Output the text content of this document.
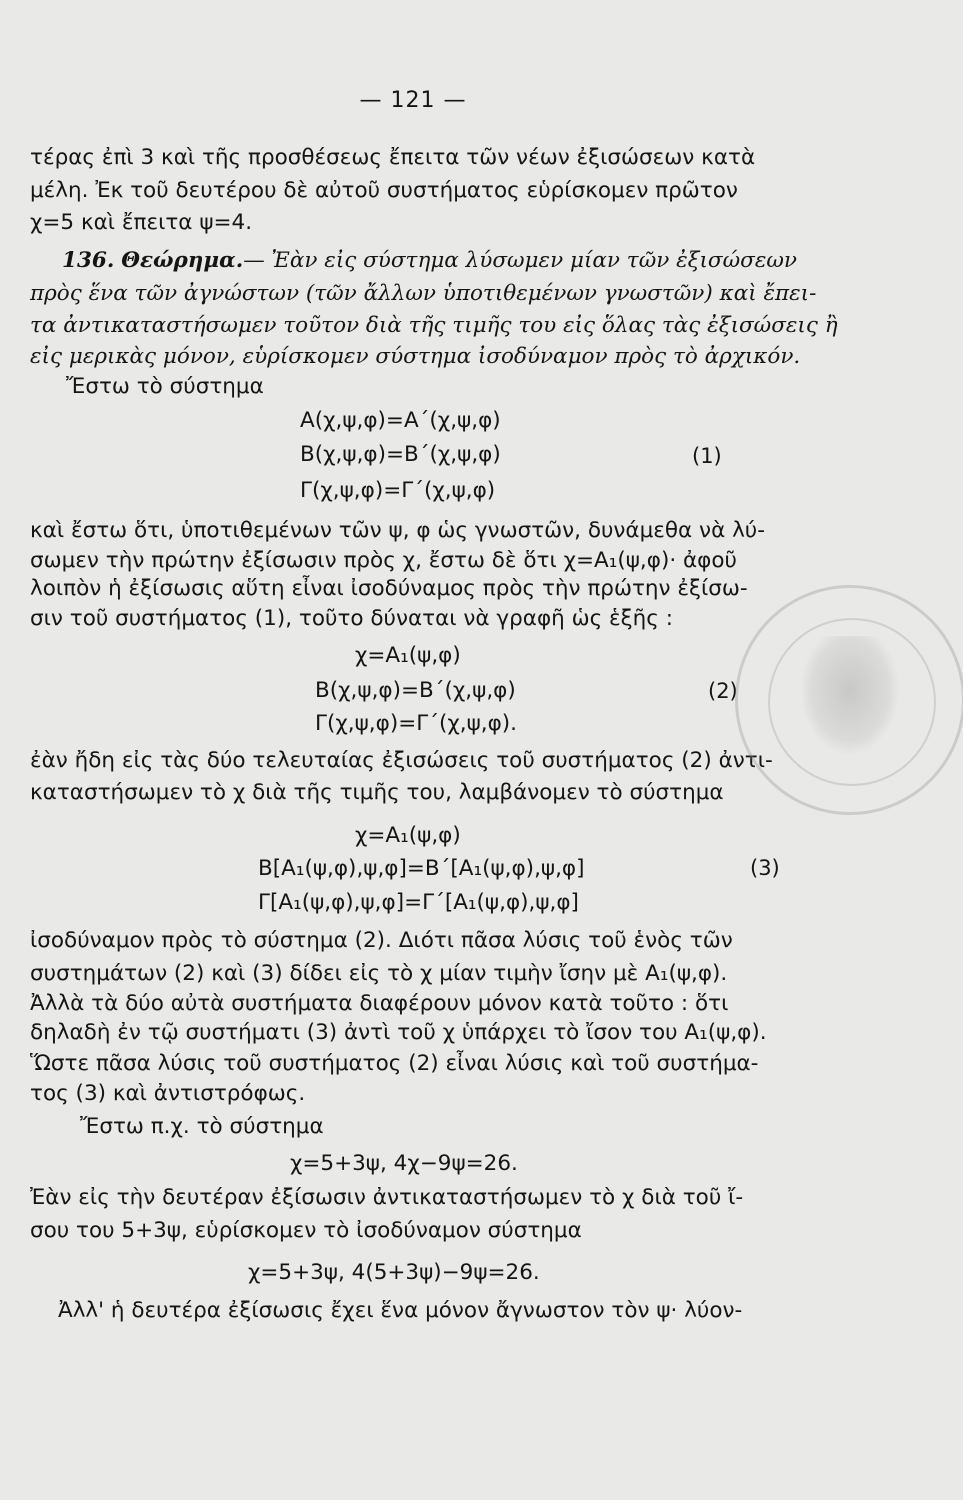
— 121 —
τέρας ἐπὶ 3 καὶ τῆς προσθέσεως ἔπειτα τῶν νέων ἐξισώσεων κατὰ
μέλη. Ἐκ τοῦ δευτέρου δὲ αὐτοῦ συστήματος εὑρίσκομεν πρῶτον
χ=5 καὶ ἔπειτα ψ=4.
136. Θεώρημα.— Ἐὰν εἰς σύστημα λύσωμεν μίαν τῶν ἐξισώσεων
πρὸς ἕνα τῶν ἀγνώστων (τῶν ἄλλων ὑποτιθεμένων γνωστῶν) καὶ ἔπει-
τα ἀντικαταστήσωμεν τοῦτον διὰ τῆς τιμῆς του εἰς ὅλας τὰς ἐξισώσεις ἢ
εἰς μερικὰς μόνον, εὑρίσκομεν σύστημα ἰσοδύναμον πρὸς τὸ ἀρχικόν.
Ἔστω τὸ σύστημα
A(χ,ψ,φ)=A΄(χ,ψ,φ)
B(χ,ψ,φ)=B΄(χ,ψ,φ)
Γ(χ,ψ,φ)=Γ΄(χ,ψ,φ)
(1)
καὶ ἔστω ὅτι, ὑποτιθεμένων τῶν ψ, φ ὡς γνωστῶν, δυνάμεθα νὰ λύ-
σωμεν τὴν πρώτην ἐξίσωσιν πρὸς χ, ἔστω δὲ ὅτι χ=A₁(ψ,φ)· ἀφοῦ
λοιπὸν ἡ ἐξίσωσις αὕτη εἶναι ἰσοδύναμος πρὸς τὴν πρώτην ἐξίσω-
σιν τοῦ συστήματος (1), τοῦτο δύναται νὰ γραφῆ ὡς ἑξῆς :
χ=A₁(ψ,φ)
B(χ,ψ,φ)=B΄(χ,ψ,φ)
Γ(χ,ψ,φ)=Γ΄(χ,ψ,φ).
(2)
ἐὰν ἤδη εἰς τὰς δύο τελευταίας ἐξισώσεις τοῦ συστήματος (2) ἀντι-
καταστήσωμεν τὸ χ διὰ τῆς τιμῆς του, λαμβάνομεν τὸ σύστημα
χ=A₁(ψ,φ)
B[A₁(ψ,φ),ψ,φ]=B΄[A₁(ψ,φ),ψ,φ]
Γ[A₁(ψ,φ),ψ,φ]=Γ΄[A₁(ψ,φ),ψ,φ]
(3)
ἰσοδύναμον πρὸς τὸ σύστημα (2). Διότι πᾶσα λύσις τοῦ ἑνὸς τῶν
συστημάτων (2) καὶ (3) δίδει εἰς τὸ χ μίαν τιμὴν ἴσην μὲ A₁(ψ,φ).
Ἀλλὰ τὰ δύο αὐτὰ συστήματα διαφέρουν μόνον κατὰ τοῦτο : ὅτι
δηλαδὴ ἐν τῷ συστήματι (3) ἀντὶ τοῦ χ ὑπάρχει τὸ ἴσον του A₁(ψ,φ).
Ὥστε πᾶσα λύσις τοῦ συστήματος (2) εἶναι λύσις καὶ τοῦ συστήμα-
τος (3) καὶ ἀντιστρόφως.
Ἔστω π.χ. τὸ σύστημα
χ=5+3ψ, 4χ−9ψ=26.
Ἐὰν εἰς τὴν δευτέραν ἐξίσωσιν ἀντικαταστήσωμεν τὸ χ διὰ τοῦ ἴ-
σου του 5+3ψ, εὑρίσκομεν τὸ ἰσοδύναμον σύστημα
χ=5+3ψ, 4(5+3ψ)−9ψ=26.
Ἀλλ' ἡ δευτέρα ἐξίσωσις ἔχει ἕνα μόνον ἄγνωστον τὸν ψ· λύον-
